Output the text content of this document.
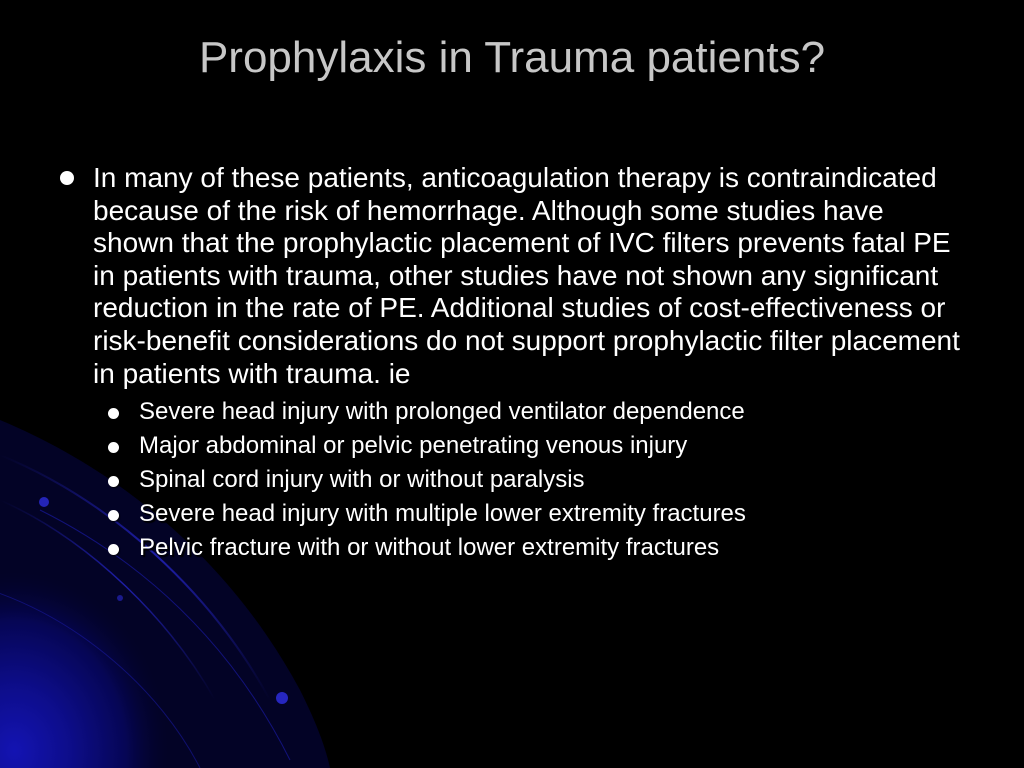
Prophylaxis in Trauma patients?
In many of these patients, anticoagulation therapy is contraindicated because of the risk of hemorrhage. Although some studies have shown that the prophylactic placement of IVC filters prevents fatal PE in patients with trauma, other studies have not shown any significant reduction in the rate of PE. Additional studies of cost-effectiveness or risk-benefit considerations do not support prophylactic filter placement in patients with trauma. ie
Severe head injury with prolonged ventilator dependence
Major abdominal or pelvic penetrating venous injury
Spinal cord injury with or without paralysis
Severe head injury with multiple lower extremity fractures
Pelvic fracture with or without lower extremity fractures
